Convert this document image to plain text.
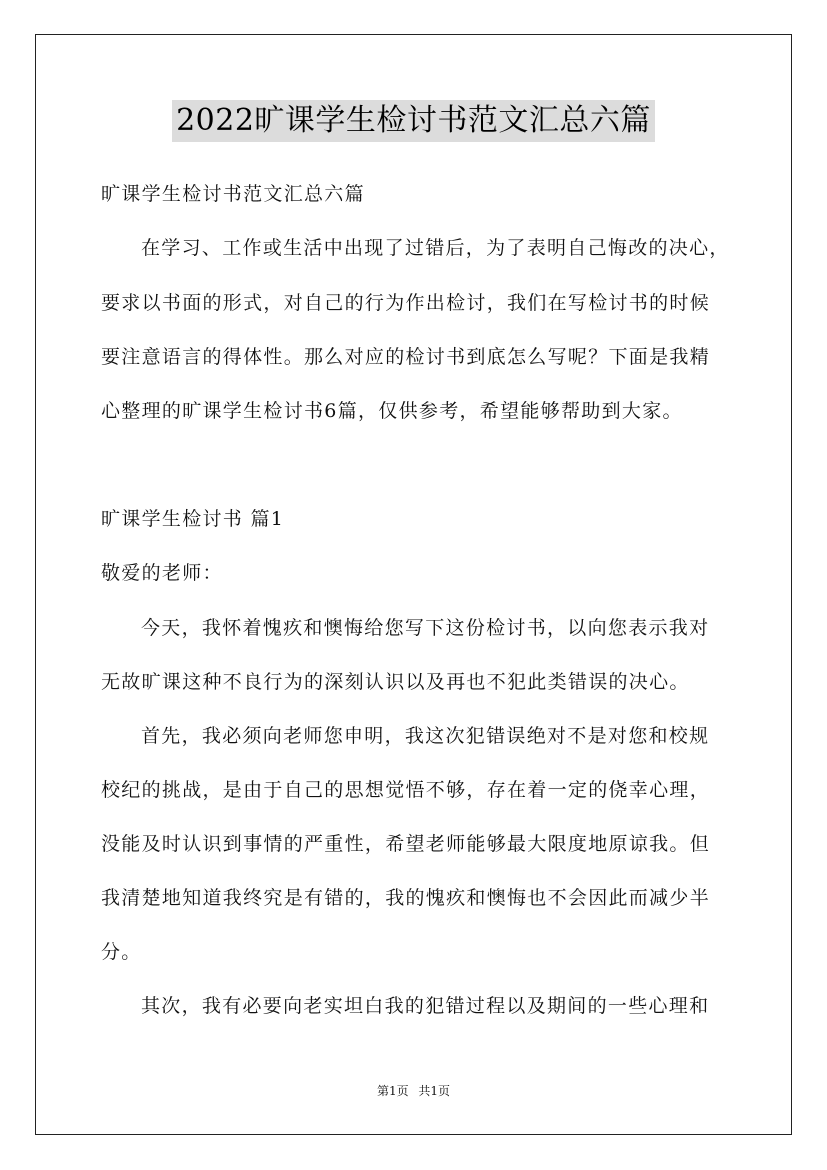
2022旷课学生检讨书范文汇总六篇
旷课学生检讨书范文汇总六篇
在学习、工作或生活中出现了过错后，为了表明自己悔改的决心，
要求以书面的形式，对自己的行为作出检讨，我们在写检讨书的时候
要注意语言的得体性。那么对应的检讨书到底怎么写呢？下面是我精
心整理的旷课学生检讨书6篇，仅供参考，希望能够帮助到大家。
旷课学生检讨书 篇1
敬爱的老师：
今天，我怀着愧疚和懊悔给您写下这份检讨书，以向您表示我对
无故旷课这种不良行为的深刻认识以及再也不犯此类错误的决心。
首先，我必须向老师您申明，我这次犯错误绝对不是对您和校规
校纪的挑战，是由于自己的思想觉悟不够，存在着一定的侥幸心理，
没能及时认识到事情的严重性，希望老师能够最大限度地原谅我。但
我清楚地知道我终究是有错的，我的愧疚和懊悔也不会因此而减少半
分。
其次，我有必要向老实坦白我的犯错过程以及期间的一些心理和
第1页 共1页
